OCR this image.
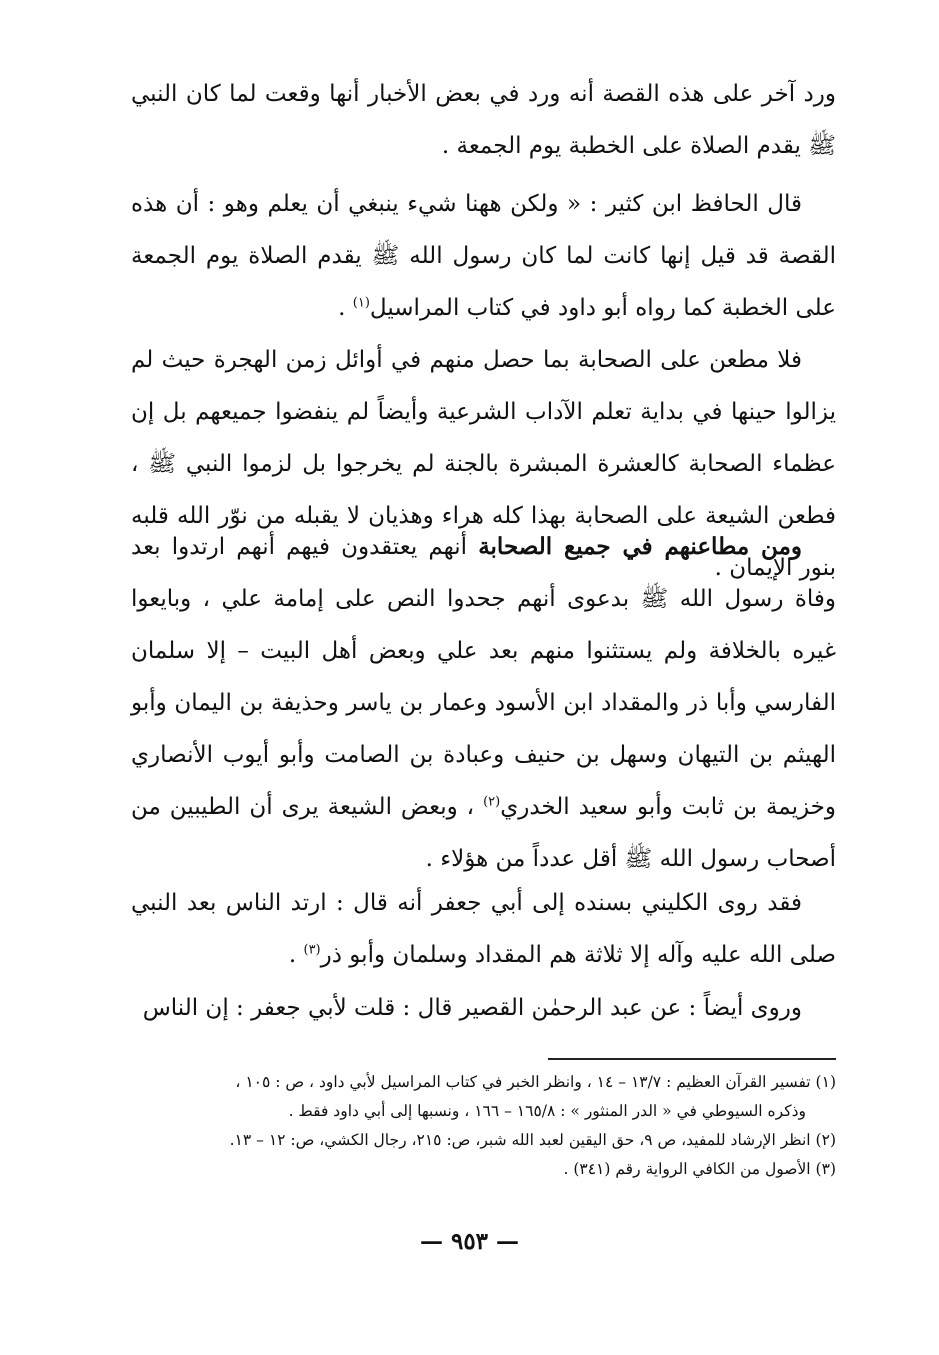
ورد آخر على هذه القصة أنه ورد في بعض الأخبار أنها وقعت لما كان النبي ﷺ يقدم الصلاة على الخطبة يوم الجمعة .

قال الحافظ ابن كثير : « ولكن ههنا شيء ينبغي أن يعلم وهو : أن هذه القصة قد قيل إنها كانت لما كان رسول الله ﷺ يقدم الصلاة يوم الجمعة على الخطبة كما رواه أبو داود في كتاب المراسيل$^{(١)}$ .

فلا مطعن على الصحابة بما حصل منهم في أوائل زمن الهجرة حيث لم يزالوا حينها في بداية تعلم الآداب الشرعية وأيضاً لم ينفضوا جميعهم بل إن عظماء الصحابة كالعشرة المبشرة بالجنة لم يخرجوا بل لزموا النبي ﷺ ، فطعن الشيعة على الصحابة بهذا كله هراء وهذيان لا يقبله من نوّر الله قلبه بنور الإيمان .

ومن مطاعنهم في جميع الصحابة أنهم يعتقدون فيهم أنهم ارتدوا بعد وفاة رسول الله ﷺ بدعوى أنهم جحدوا النص على إمامة علي ، وبايعوا غيره بالخلافة ولم يستثنوا منهم بعد علي وبعض أهل البيت – إلا سلمان الفارسي وأبا ذر والمقداد ابن الأسود وعمار بن ياسر وحذيفة بن اليمان وأبو الهيثم بن التيهان وسهل بن حنيف وعبادة بن الصامت وأبو أيوب الأنصاري وخزيمة بن ثابت وأبو سعيد الخدري$^{(٢)}$ ، وبعض الشيعة يرى أن الطيبين من أصحاب رسول الله ﷺ أقل عدداً من هؤلاء .

فقد روى الكليني بسنده إلى أبي جعفر أنه قال : ارتد الناس بعد النبي صلى الله عليه وآله إلا ثلاثة هم المقداد وسلمان وأبو ذر$^{(٣)}$ .

وروى أيضاً : عن عبد الرحمٰن القصير قال : قلت لأبي جعفر : إن الناس

(١) تفسير القرآن العظيم : ١٣/٧ – ١٤ ، وانظر الخبر في كتاب المراسيل لأبي داود ، ص : ١٠٥ ،

وذكره السيوطي في « الدر المنثور » : ١٦٥/٨ – ١٦٦ ، ونسبها إلى أبي داود فقط .

(٢) انظر الإرشاد للمفيد، ص ٩، حق اليقين لعبد الله شبر، ص: ٢١٥، رجال الكشي، ص: ١٢ – ١٣.

(٣) الأصول من الكافي الرواية رقم (٣٤١) .

— ٩٥٣ —
